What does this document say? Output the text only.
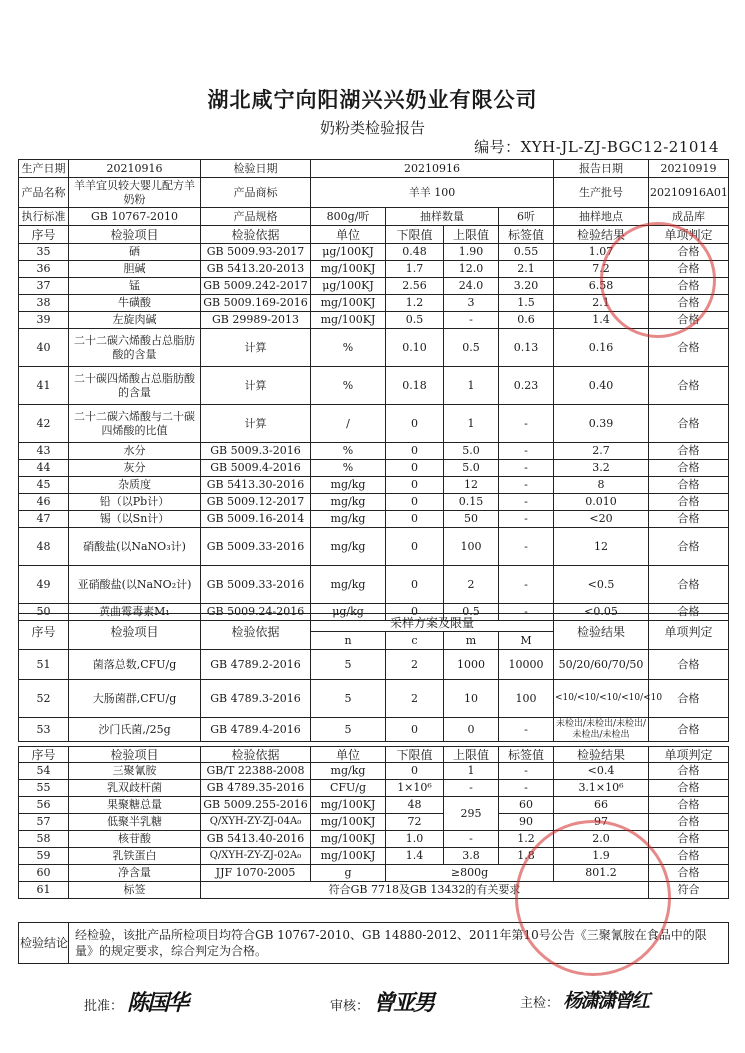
湖北咸宁向阳湖兴兴奶业有限公司
奶粉类检验报告
编号：XYH-JL-ZJ-BGC12-21014
生产日期	20210916	检验日期	20210916				报告日期	20210919
产品名称	羊羊宜贝较大婴儿配方羊奶粉	产品商标	羊羊 100				生产批号	20210916A01
执行标准	GB 10767-2010	产品规格	800g/听	抽样数量		6听	抽样地点	成品库
序号	检验项目	检验依据	单位	下限值	上限值	标签值	检验结果	单项判定
35	硒	GB 5009.93-2017	μg/100KJ	0.48	1.90	0.55	1.07	合格
36	胆碱	GB 5413.20-2013	mg/100KJ	1.7	12.0	2.1	7.2	合格
37	锰	GB 5009.242-2017	μg/100KJ	2.56	24.0	3.20	6.58	合格
38	牛磺酸	GB 5009.169-2016	mg/100KJ	1.2	3	1.5	2.1	合格
39	左旋肉碱	GB 29989-2013	mg/100KJ	0.5	-	0.6	1.4	合格
40	二十二碳六烯酸占总脂肪酸的含量	计算	%	0.10	0.5	0.13	0.16	合格
41	二十碳四烯酸占总脂肪酸的含量	计算	%	0.18	1	0.23	0.40	合格
42	二十二碳六烯酸与二十碳四烯酸的比值	计算	/	0	1	-	0.39	合格
43	水分	GB 5009.3-2016	%	0	5.0	-	2.7	合格
44	灰分	GB 5009.4-2016	%	0	5.0	-	3.2	合格
45	杂质度	GB 5413.30-2016	mg/kg	0	12	-	8	合格
46	铅（以Pb计）	GB 5009.12-2017	mg/kg	0	0.15	-	0.010	合格
47	锡（以Sn计）	GB 5009.16-2014	mg/kg	0	50	-	<20	合格
48	硝酸盐(以NaNO₃计)	GB 5009.33-2016	mg/kg	0	100	-	12	合格
49	亚硝酸盐(以NaNO₂计)	GB 5009.33-2016	mg/kg	0	2	-	<0.5	合格
50	黄曲霉毒素M₁	GB 5009.24-2016	μg/kg	0	0.5	-	<0.05	合格
序号	检验项目	检验依据	采样方案及限量				检验结果	单项判定
			n	c	m	M		
51	菌落总数,CFU/g	GB 4789.2-2016	5	2	1000	10000	50/20/60/70/50	合格
52	大肠菌群,CFU/g	GB 4789.3-2016	5	2	10	100	<10/<10/<10/<10/<10	合格
53	沙门氏菌,/25g	GB 4789.4-2016	5	0	0	-	未检出/未检出/未检出/未检出/未检出	合格
序号	检验项目	检验依据	单位	下限值	上限值	标签值	检验结果	单项判定
54	三聚氰胺	GB/T 22388-2008	mg/kg	0	1	-	<0.4	合格
55	乳双歧杆菌	GB 4789.35-2016	CFU/g	1×10⁶	-	-	3.1×10⁶	合格
56	果聚糖总量	GB 5009.255-2016	mg/100KJ	48	295	60	66	合格
57	低聚半乳糖	Q/XYH-ZY-ZJ-04A₀	mg/100KJ	72		90	97	合格
58	核苷酸	GB 5413.40-2016	mg/100KJ	1.0	-	1.2	2.0	合格
59	乳铁蛋白	Q/XYH-ZY-ZJ-02A₀	mg/100KJ	1.4	3.8	1.8	1.9	合格
60	净含量	JJF 1070-2005	g	≥800g			801.2	合格
61	标签	符合GB 7718及GB 13432的有关要求						符合
检验结论	经检验，该批产品所检项目均符合GB 10767-2010、GB 14880-2012、2011年第10号公告《三聚氰胺在食品中的限量》的规定要求，综合判定为合格。
批准： 陈国华	审核： 曾亚男	主检： 杨潇潇曾红
